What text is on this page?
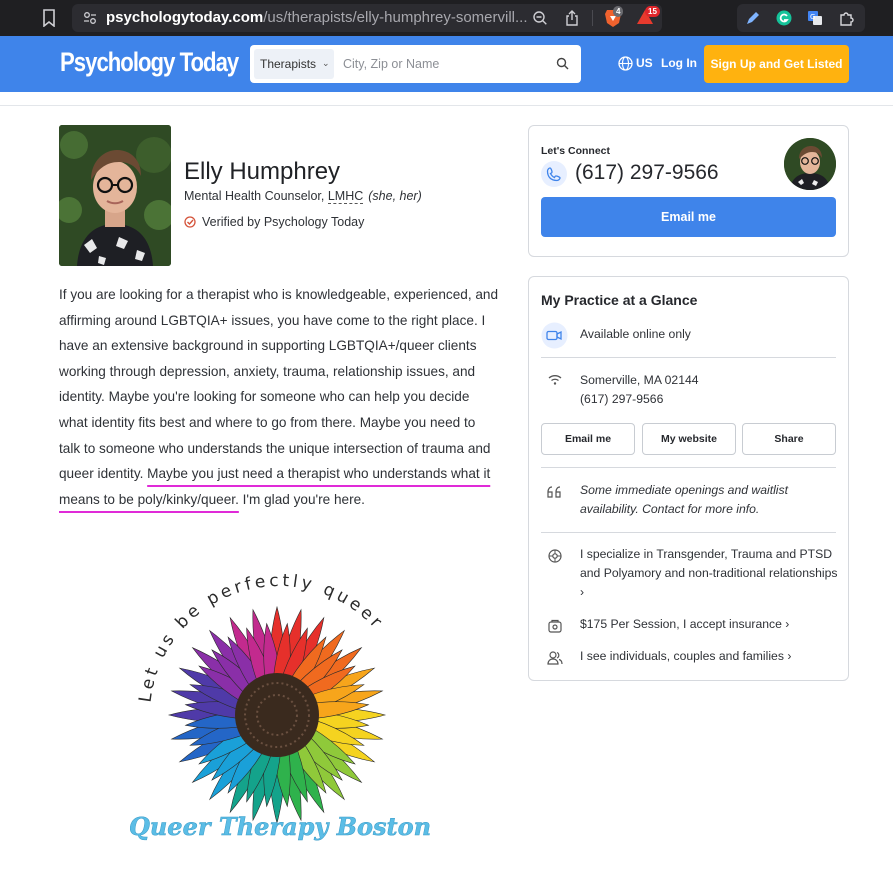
psychologytoday.com/us/therapists/elly-humphrey-somervill...	4	15
G
Psychology Today	Therapists ⌄ City, Zip or Name	US Log In	Sign Up and Get Listed
Elly Humphrey
Mental Health Counselor, LMHC (she, her)
Verified by Psychology Today
If you are looking for a therapist who is knowledgeable, experienced, and affirming around LGBTQIA+ issues, you have come to the right place. I have an extensive background in supporting LGBTQIA+/queer clients working through depression, anxiety, trauma, relationship issues, and identity. Maybe you're looking for someone who can help you decide what identity fits best and where to go from there. Maybe you need to talk to someone who understands the unique intersection of trauma and queer identity. Maybe you just need a therapist who understands what it means to be poly/kinky/queer. I'm glad you're here.
Let us be perfectly queer
Queer Therapy Boston
Let's Connect
(617) 297-9566
Email me
My Practice at a Glance
Available online only
Somerville, MA 02144
(617) 297-9566
Email me	My website	Share
Some immediate openings and waitlist availability. Contact for more info.
I specialize in Transgender, Trauma and PTSD and Polyamory and non-traditional relationships ›
$175 Per Session, I accept insurance ›
I see individuals, couples and families ›
